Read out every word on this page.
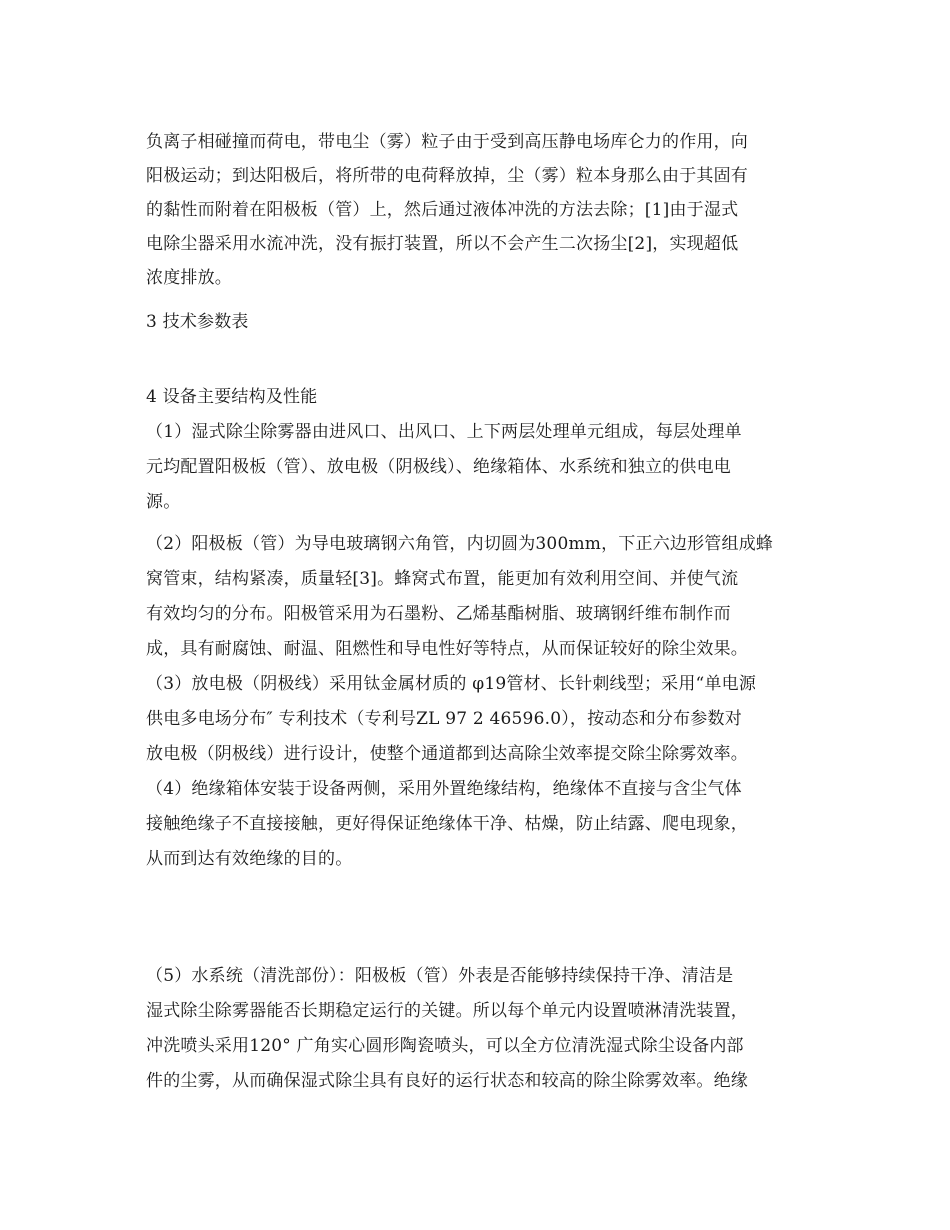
负离子相碰撞而荷电，带电尘（雾）粒子由于受到高压静电场库仑力的作用，向
阳极运动；到达阳极后，将所带的电荷释放掉，尘（雾）粒本身那么由于其固有
的黏性而附着在阳极板（管）上，然后通过液体冲洗的方法去除；[1]由于湿式
电除尘器采用水流冲洗，没有振打装置，所以不会产生二次扬尘[2]，实现超低
浓度排放。
3 技术参数表
4 设备主要结构及性能
（1）湿式除尘除雾器由进风口、出风口、上下两层处理单元组成，每层处理单
元均配置阳极板（管）、放电极（阴极线）、绝缘箱体、水系统和独立的供电电
源。
（2）阳极板（管）为导电玻璃钢六角管，内切圆为300mm，下正六边形管组成蜂
窝管束，结构紧凑，质量轻[3]。蜂窝式布置，能更加有效利用空间、并使气流
有效均匀的分布。阳极管采用为石墨粉、乙烯基酯树脂、玻璃钢纤维布制作而
成，具有耐腐蚀、耐温、阻燃性和导电性好等特点，从而保证较好的除尘效果。
（3）放电极（阴极线）采用钛金属材质的 φ19管材、长针刺线型；采用“单电源
供电多电场分布″ 专利技术（专利号ZL 97 2 46596.0），按动态和分布参数对
放电极（阴极线）进行设计，使整个通道都到达高除尘效率提交除尘除雾效率。
（4）绝缘箱体安装于设备两侧，采用外置绝缘结构，绝缘体不直接与含尘气体
接触绝缘子不直接接触，更好得保证绝缘体干净、枯燥，防止结露、爬电现象，
从而到达有效绝缘的目的。
（5）水系统（清洗部份）：阳极板（管）外表是否能够持续保持干净、清洁是
湿式除尘除雾器能否长期稳定运行的关键。所以每个单元内设置喷淋清洗装置，
冲洗喷头采用120° 广角实心圆形陶瓷喷头，可以全方位清洗湿式除尘设备内部
件的尘雾，从而确保湿式除尘具有良好的运行状态和较高的除尘除雾效率。绝缘
